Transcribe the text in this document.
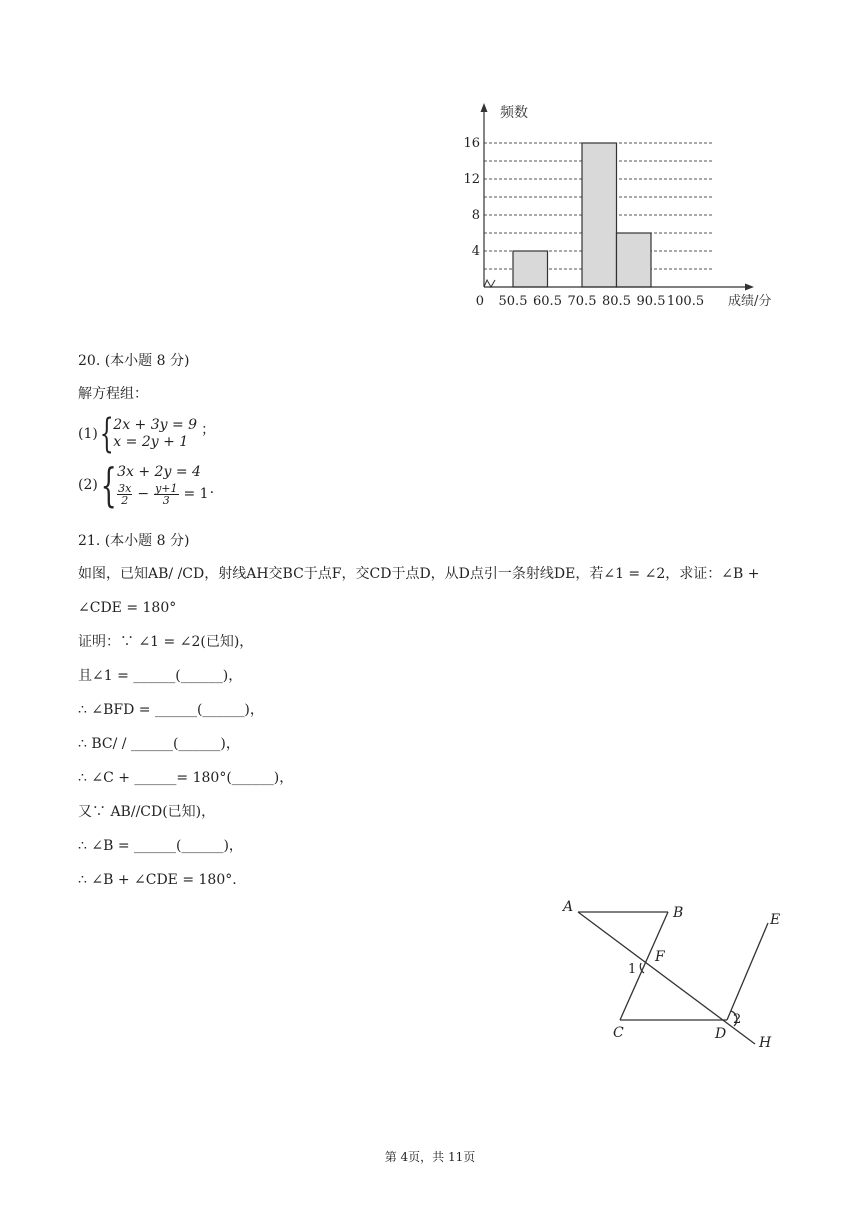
4
8
12
16
0 50.5 60.5 70.5 80.5 90.5 100.5
频数
成绩/分
20. (本小题 8 分)
解方程组：
(1) { 2x + 3y = 9
x = 2y + 1
；
(2) { 3x + 2y = 4
$\frac{3x}{2} - \frac{y+1}{3} = 1$ .
21. (本小题 8 分)
如图，已知AB/ /CD，射线AH交BC于点F，交CD于点D，从D点引一条射线DE，若∠1 = ∠2，求证：∠B +
∠CDE = 180°
证明：∵ ∠1 = ∠2(已知)，
且∠1 = ______(______)，
∴ ∠BFD = ______(______)，
∴ BC/ / ______(______)，
∴ ∠C + ______= 180°(______)，
又∵ AB//CD(已知)，
∴ ∠B = ______(______)，
∴ ∠B + ∠CDE = 180°.
A	B
F
C	D
E
H
1
2
第 4页，共 11页
